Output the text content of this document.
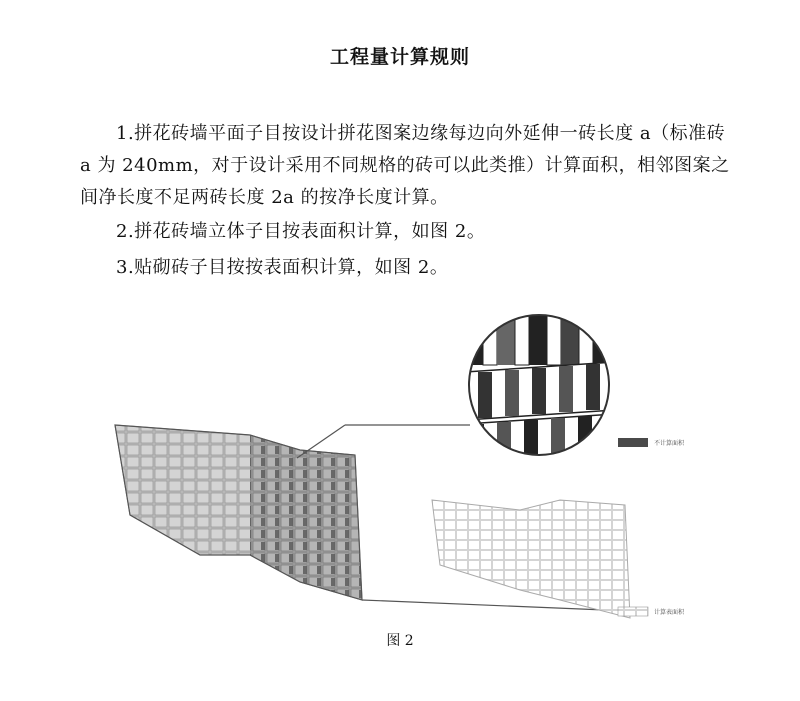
工程量计算规则
1.拼花砖墙平面子目按设计拼花图案边缘每边向外延伸一砖长度 a（标准砖 a 为 240mm，对于设计采用不同规格的砖可以此类推）计算面积，相邻图案之间净长度不足两砖长度 2a 的按净长度计算。
2.拼花砖墙立体子目按表面积计算，如图 2。
3.贴砌砖子目按按表面积计算，如图 2。
不计算面积
计算表面积
图 2
